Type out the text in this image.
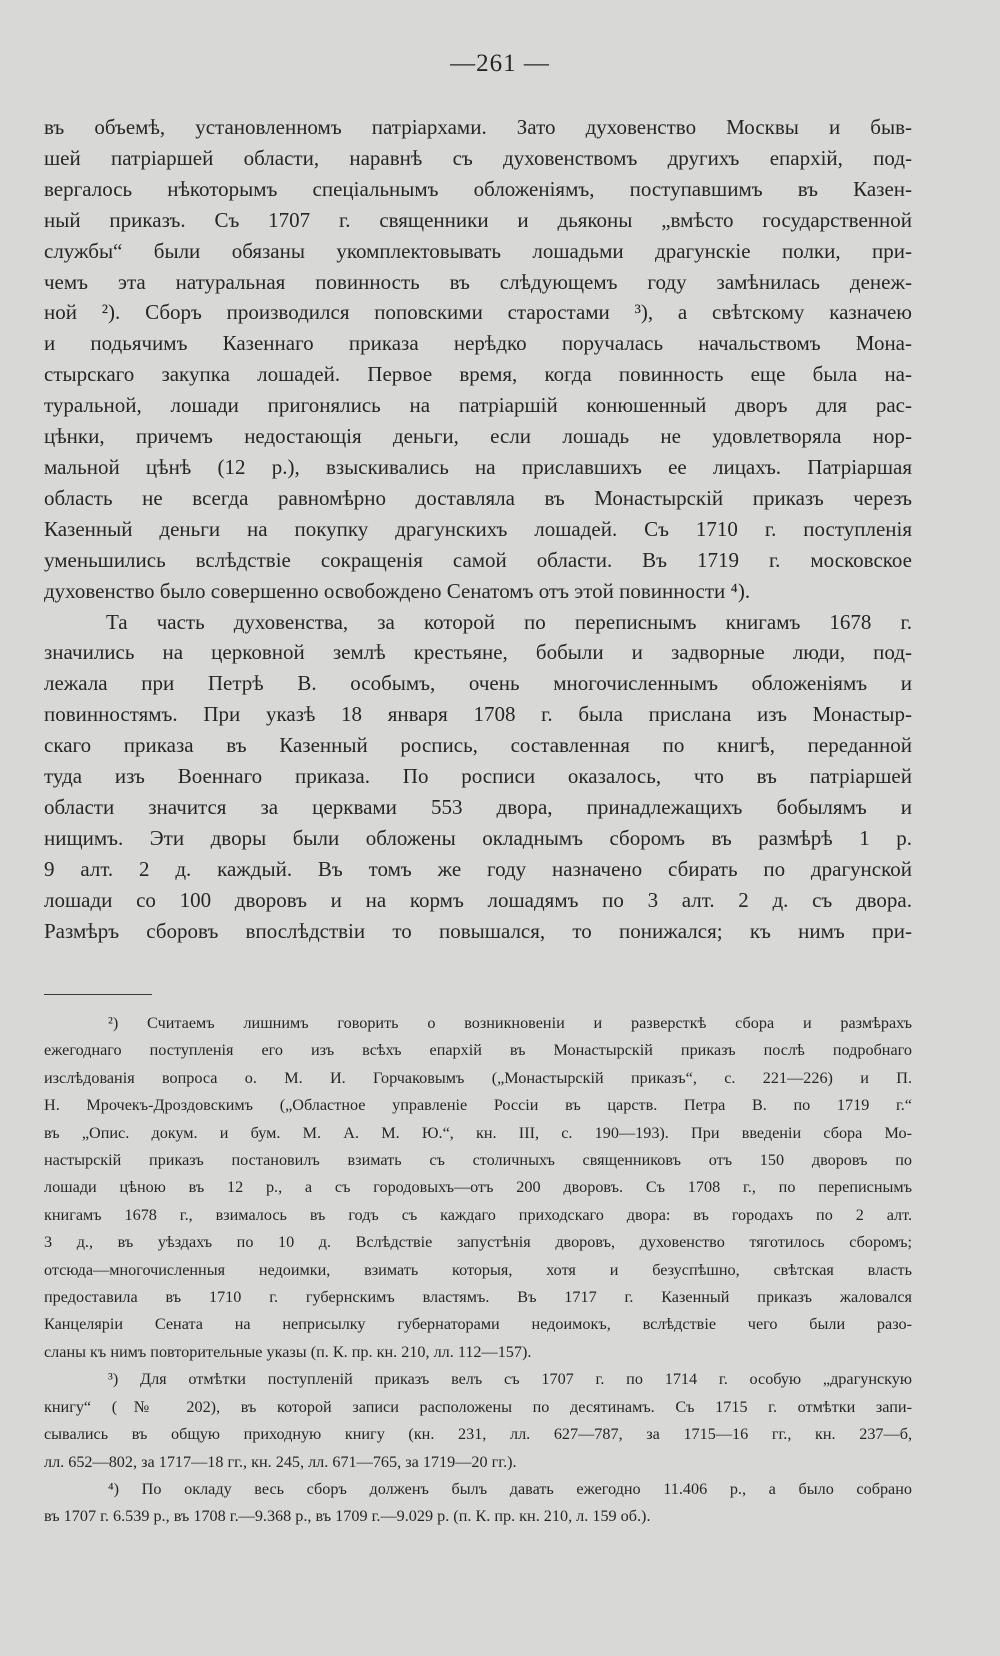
—261 —

въ объемѣ, установленномъ патріархами. Зато духовенство Москвы и быв-

шей патріаршей области, наравнѣ съ духовенствомъ другихъ епархій, под-

вергалось нѣкоторымъ спеціальнымъ обложеніямъ, поступавшимъ въ Казен-

ный приказъ. Съ 1707 г. священники и дьяконы „вмѣсто государственной

службы“ были обязаны укомплектовывать лошадьми драгунскіе полки, при-

чемъ эта натуральная повинность въ слѣдующемъ году замѣнилась денеж-

ной ²). Сборъ производился поповскими старостами ³), а свѣтскому казначею

и подьячимъ Казеннаго приказа нерѣдко поручалась начальствомъ Мона-

стырскаго закупка лошадей. Первое время, когда повинность еще была на-

туральной, лошади пригонялись на патріаршій конюшенный дворъ для рас-

цѣнки, причемъ недостающія деньги, если лошадь не удовлетворяла нор-

мальной цѣнѣ (12 р.), взыскивались на приславшихъ ее лицахъ. Патріаршая

область не всегда равномѣрно доставляла въ Монастырскій приказъ черезъ

Казенный деньги на покупку драгунскихъ лошадей. Съ 1710 г. поступленія

уменьшились вслѣдствіе сокращенія самой области. Въ 1719 г. московское

духовенство было совершенно освобождено Сенатомъ отъ этой повинности ⁴).

Та часть духовенства, за которой по переписнымъ книгамъ 1678 г.

значились на церковной землѣ крестьяне, бобыли и задворные люди, под-

лежала при Петрѣ В. особымъ, очень многочисленнымъ обложеніямъ и

повинностямъ. При указѣ 18 января 1708 г. была прислана изъ Монастыр-

скаго приказа въ Казенный роспись, составленная по книгѣ, переданной

туда изъ Военнаго приказа. По росписи оказалось, что въ патріаршей

области значится за церквами 553 двора, принадлежащихъ бобылямъ и

нищимъ. Эти дворы были обложены окладнымъ сборомъ въ размѣрѣ 1 р.

9 алт. 2 д. каждый. Въ томъ же году назначено сбирать по драгунской

лошади со 100 дворовъ и на кормъ лошадямъ по 3 алт. 2 д. съ двора.

Размѣръ сборовъ впослѣдствіи то повышался, то понижался; къ нимъ при-

²) Считаемъ лишнимъ говорить о возникновеніи и разверсткѣ сбора и размѣрахъ

ежегоднаго поступленія его изъ всѣхъ епархій въ Монастырскій приказъ послѣ подробнаго

изслѣдованія вопроса о. М. И. Горчаковымъ („Монастырскій приказъ“, с. 221—226) и П.

Н. Мрочекъ-Дроздовскимъ („Областное управленіе Россіи въ царств. Петра В. по 1719 г.“

въ „Опис. докум. и бум. М. А. М. Ю.“, кн. III, с. 190—193). При введеніи сбора Мо-

настырскій приказъ постановилъ взимать съ столичныхъ священниковъ отъ 150 дворовъ по

лошади цѣною въ 12 р., а съ городовыхъ—отъ 200 дворовъ. Съ 1708 г., по переписнымъ

книгамъ 1678 г., взималось въ годъ съ каждаго приходскаго двора: въ городахъ по 2 алт.

3 д., въ уѣздахъ по 10 д. Вслѣдствіе запустѣнія дворовъ, духовенство тяготилось сборомъ;

отсюда—многочисленныя недоимки, взимать которыя, хотя и безуспѣшно, свѣтская власть

предоставила въ 1710 г. губернскимъ властямъ. Въ 1717 г. Казенный приказъ жаловался

Канцеляріи Сената на неприсылку губернаторами недоимокъ, вслѣдствіе чего были разо-

сланы къ нимъ повторительные указы (п. К. пр. кн. 210, лл. 112—157).

³) Для отмѣтки поступленій приказъ велъ съ 1707 г. по 1714 г. особую „драгунскую

книгу“ (№ 202), въ которой записи расположены по десятинамъ. Съ 1715 г. отмѣтки запи-

сывались въ общую приходную книгу (кн. 231, лл. 627—787, за 1715—16 гг., кн. 237—б,

лл. 652—802, за 1717—18 гг., кн. 245, лл. 671—765, за 1719—20 гг.).

⁴) По окладу весь сборъ долженъ былъ давать ежегодно 11.406 р., а было собрано

въ 1707 г. 6.539 р., въ 1708 г.—9.368 р., въ 1709 г.—9.029 р. (п. К. пр. кн. 210, л. 159 об.).
